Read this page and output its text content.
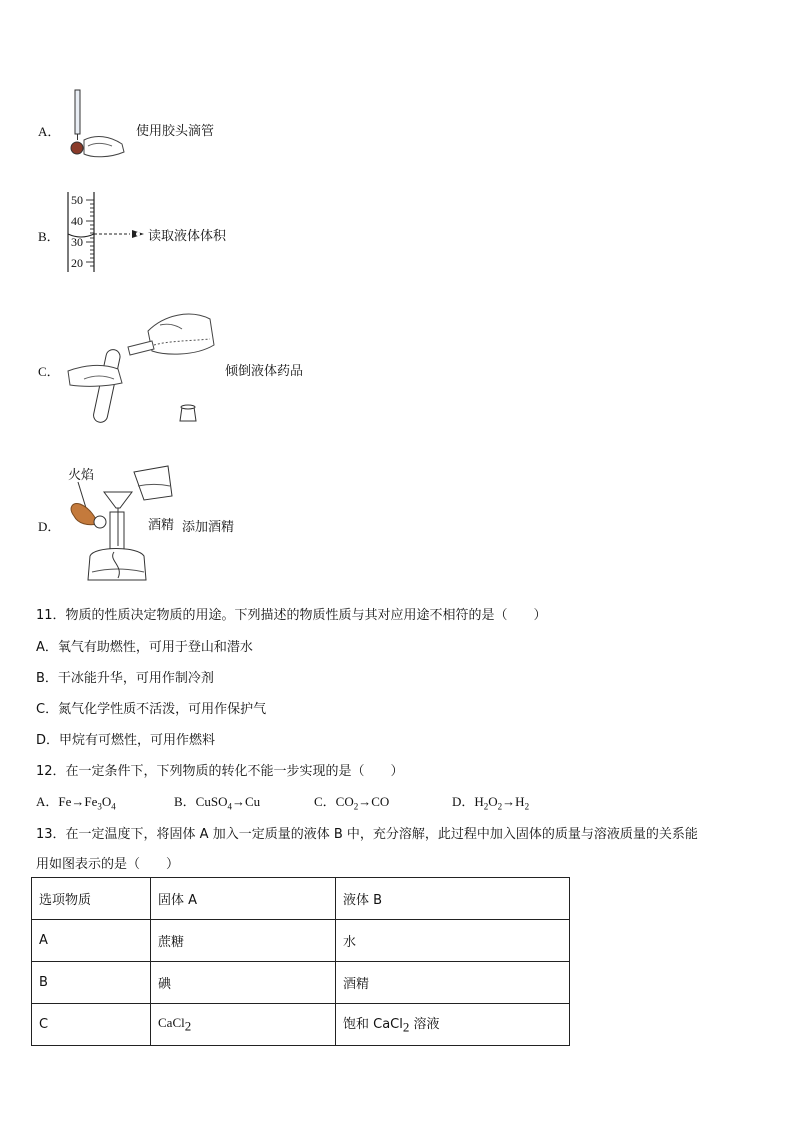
A．	使用胶头滴管
B．
50
40
30
20
读取液体体积
C．	倾倒液体药品
D．
火焰
酒精 添加酒精
11．物质的性质决定物质的用途。下列描述的物质性质与其对应用途不相符的是（　　）
A．氧气有助燃性，可用于登山和潜水
B．干冰能升华，可用作制冷剂
C．氮气化学性质不活泼，可用作保护气
D．甲烷有可燃性，可用作燃料
12．在一定条件下，下列物质的转化不能一步实现的是（　　）
A．$Fe\to Fe_3O_4$	B．CuSO$_4$→Cu	C．$CO_2\to CO$	D．$H_2O_2\to H_2$
13．在一定温度下，将固体 A 加入一定质量的液体 B 中，充分溶解，此过程中加入固体的质量与溶液质量的关系能
用如图表示的是（　　）
选项物质	固体 A	液体 B
A	蔗糖	水
B	碘	酒精
C	CaCl$_2$	饱和 CaCl$_2$ 溶液
